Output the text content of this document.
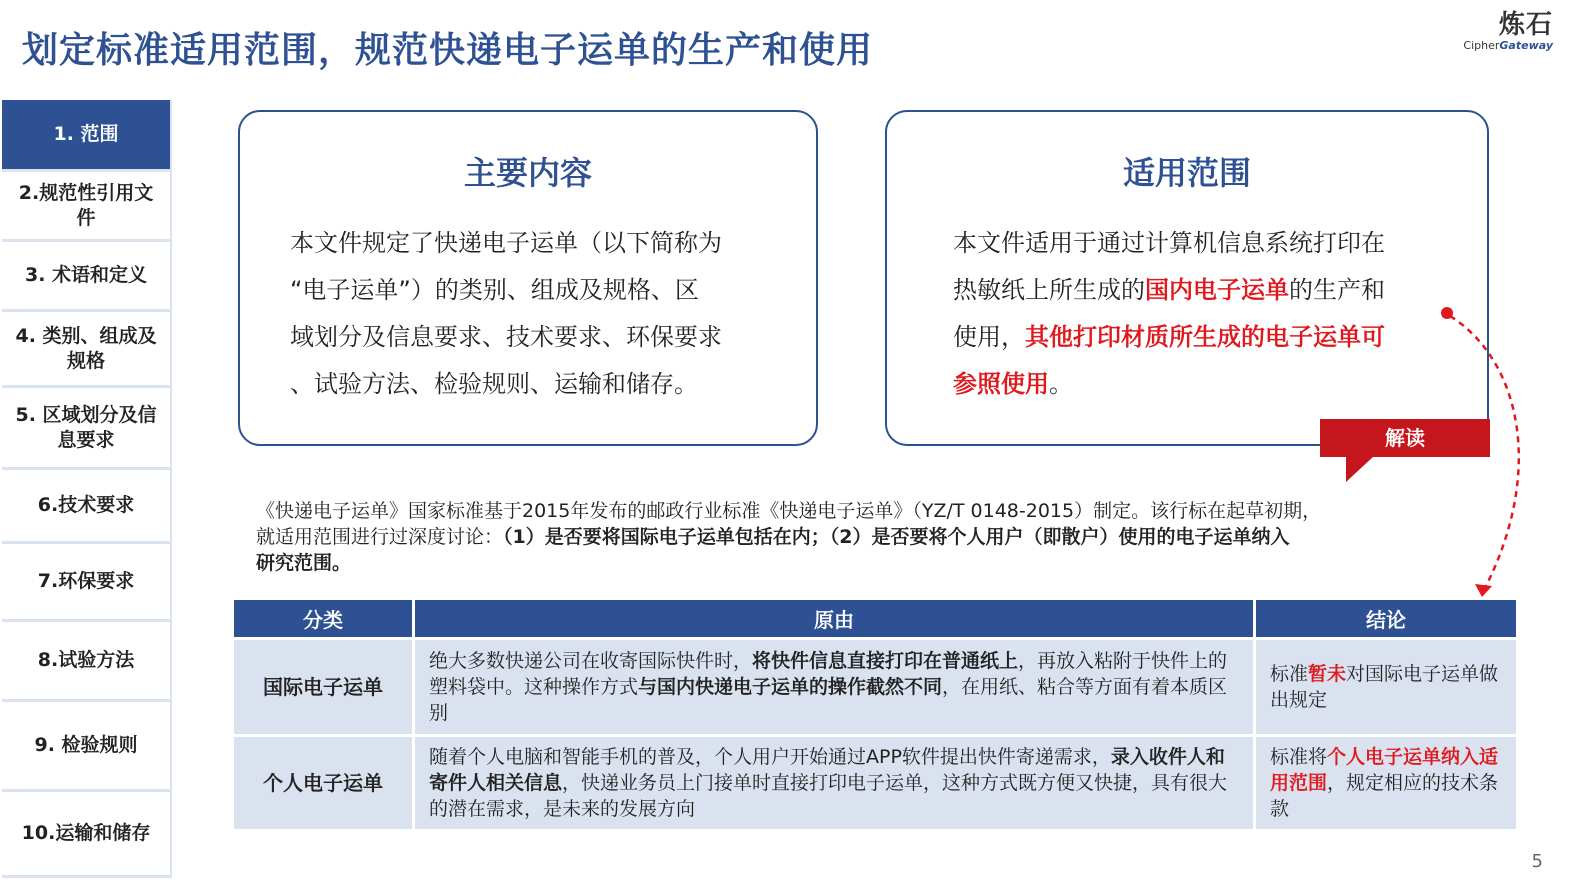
划定标准适用范围，规范快递电子运单的生产和使用
炼石
CipherGateway
1. 范围
2.规范性引用文件
3. 术语和定义
4. 类别、组成及规格
5. 区域划分及信息要求
6.技术要求
7.环保要求
8.试验方法
9. 检验规则
10.运输和储存
主要内容
本文件规定了快递电子运单（以下简称为
“电子运单”）的类别、组成及规格、区
域划分及信息要求、技术要求、环保要求
、试验方法、检验规则、运输和储存。
适用范围
本文件适用于通过计算机信息系统打印在
热敏纸上所生成的国内电子运单的生产和
使用，其他打印材质所生成的电子运单可
参照使用。
解读
《快递电子运单》国家标准基于2015年发布的邮政行业标准《快递电子运单》（YZ/T 0148-2015）制定。该行标在起草初期，
就适用范围进行过深度讨论：（1）是否要将国际电子运单包括在内；（2）是否要将个人用户（即散户）使用的电子运单纳入
研究范围。
分类	原由	结论
国际电子运单	绝大多数快递公司在收寄国际快件时，将快件信息直接打印在普通纸上，再放入粘附于快件上的塑料袋中。这种操作方式与国内快递电子运单的操作截然不同，在用纸、粘合等方面有着本质区别	标准暂未对国际电子运单做出规定
个人电子运单	随着个人电脑和智能手机的普及，个人用户开始通过APP软件提出快件寄递需求，录入收件人和寄件人相关信息，快递业务员上门接单时直接打印电子运单，这种方式既方便又快捷，具有很大的潜在需求，是未来的发展方向	标准将个人电子运单纳入适用范围，规定相应的技术条款
5
